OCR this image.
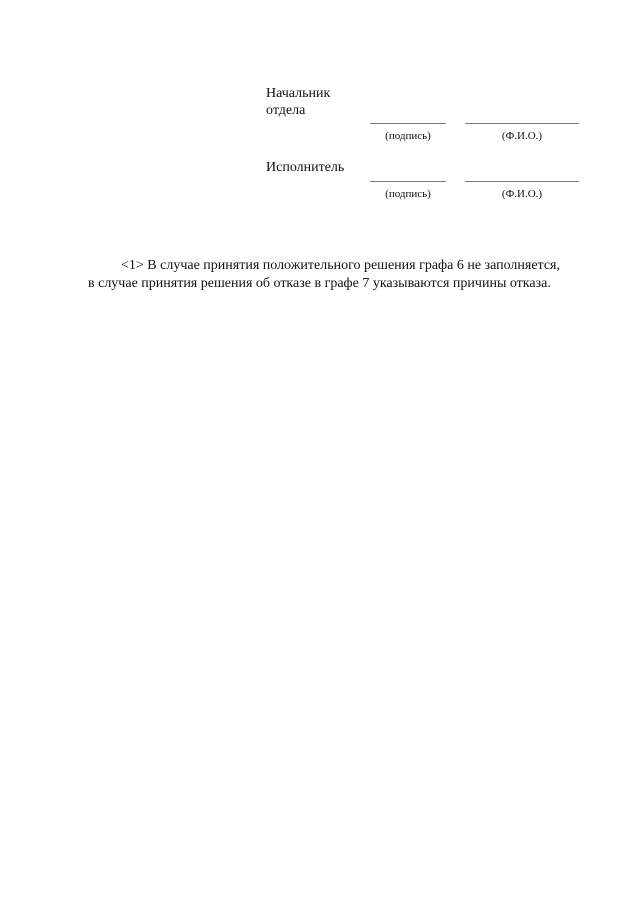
Начальник
отдела
(подпись)	(Ф.И.О.)
Исполнитель
(подпись)	(Ф.И.О.)
<1> В случае принятия положительного решения графа 6 не заполняется,
в случае принятия решения об отказе в графе 7 указываются причины отказа.
